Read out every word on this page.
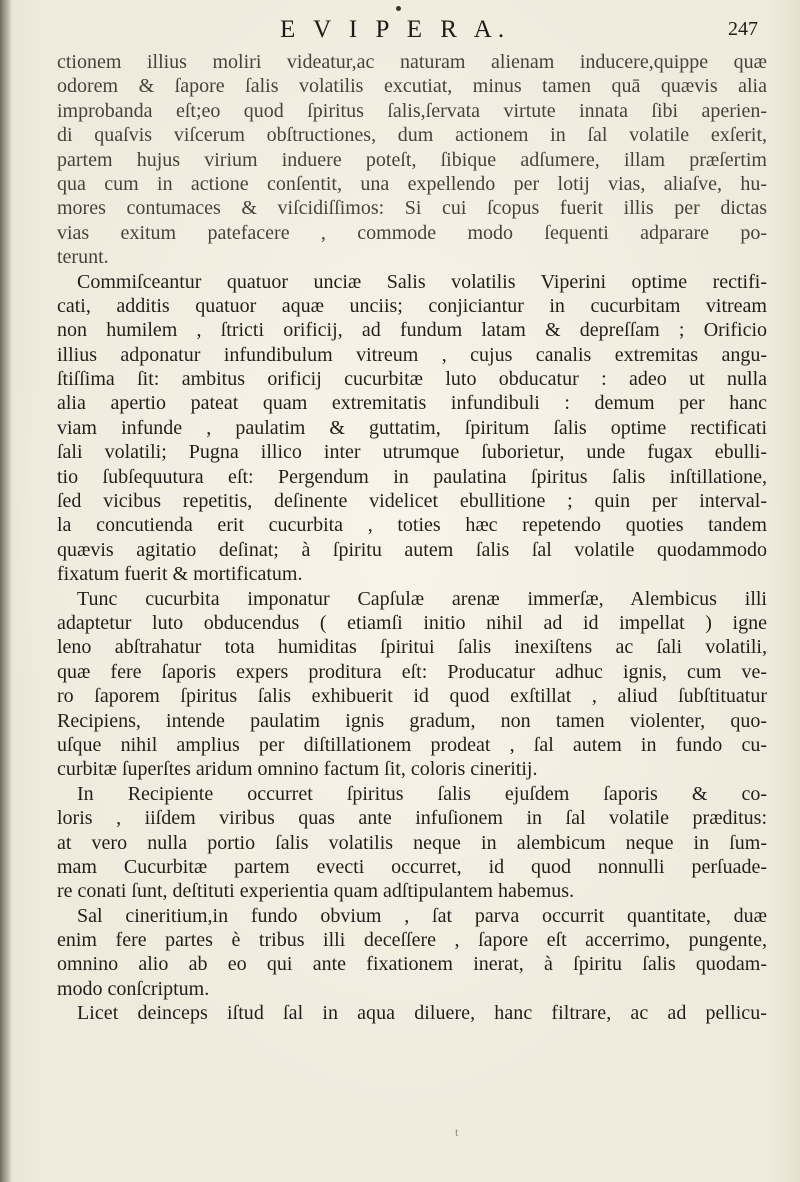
E V I P E R A.	247
ctionem illius moliri videatur,ac naturam alienam inducere,quippe quæ
odorem & ſapore ſalis volatilis excutiat, minus tamen quā quævis alia
improbanda eſt;eo quod ſpiritus ſalis,ſervata virtute innata ſibi aperien-
di quaſvis viſcerum obſtructiones, dum actionem in ſal volatile exſerit,
partem hujus virium induere poteſt, ſibique adſumere, illam præſertim
qua cum in actione conſentit, una expellendo per lotij vias, aliaſve, hu-
mores contumaces & viſcidiſſimos: Si cui ſcopus fuerit illis per dictas
vias exitum patefacere , commode modo ſequenti adparare po-
terunt.
Commiſceantur quatuor unciæ Salis volatilis Viperini optime rectifi-
cati, additis quatuor aquæ unciis; conjiciantur in cucurbitam vitream
non humilem , ſtricti orificij, ad fundum latam & depreſſam ; Orificio
illius adponatur infundibulum vitreum , cujus canalis extremitas angu-
ſtiſſima ſit: ambitus orificij cucurbitæ luto obducatur : adeo ut nulla
alia apertio pateat quam extremitatis infundibuli : demum per hanc
viam infunde , paulatim & guttatim, ſpiritum ſalis optime rectificati
ſali volatili; Pugna illico inter utrumque ſuborietur, unde fugax ebulli-
tio ſubſequutura eſt: Pergendum in paulatina ſpiritus ſalis inſtillatione,
ſed vicibus repetitis, deſinente videlicet ebullitione ; quin per interval-
la concutienda erit cucurbita , toties hæc repetendo quoties tandem
quævis agitatio deſinat; à ſpiritu autem ſalis ſal volatile quodammodo
fixatum fuerit & mortificatum.
Tunc cucurbita imponatur Capſulæ arenæ immerſæ, Alembicus illi
adaptetur luto obducendus ( etiamſi initio nihil ad id impellat ) igne
leno abſtrahatur tota humiditas ſpiritui ſalis inexiſtens ac ſali volatili,
quæ fere ſaporis expers proditura eſt: Producatur adhuc ignis, cum ve-
ro ſaporem ſpiritus ſalis exhibuerit id quod exſtillat , aliud ſubſtituatur
Recipiens, intende paulatim ignis gradum, non tamen violenter, quo-
uſque nihil amplius per diſtillationem prodeat , ſal autem in fundo cu-
curbitæ ſuperſtes aridum omnino factum ſit, coloris cineritij.
In Recipiente occurret ſpiritus ſalis ejuſdem ſaporis & co-
loris , iiſdem viribus quas ante infuſionem in ſal volatile præditus:
at vero nulla portio ſalis volatilis neque in alembicum neque in ſum-
mam Cucurbitæ partem evecti occurret, id quod nonnulli perſuade-
re conati ſunt, deſtituti experientia quam adſtipulantem habemus.
Sal cineritium,in fundo obvium , ſat parva occurrit quantitate, duæ
enim fere partes è tribus illi deceſſere , ſapore eſt accerrimo, pungente,
omnino alio ab eo qui ante fixationem inerat, à ſpiritu ſalis quodam-
modo conſcriptum.
Licet deinceps iſtud ſal in aqua diluere, hanc filtrare, ac ad pellicu-
t
